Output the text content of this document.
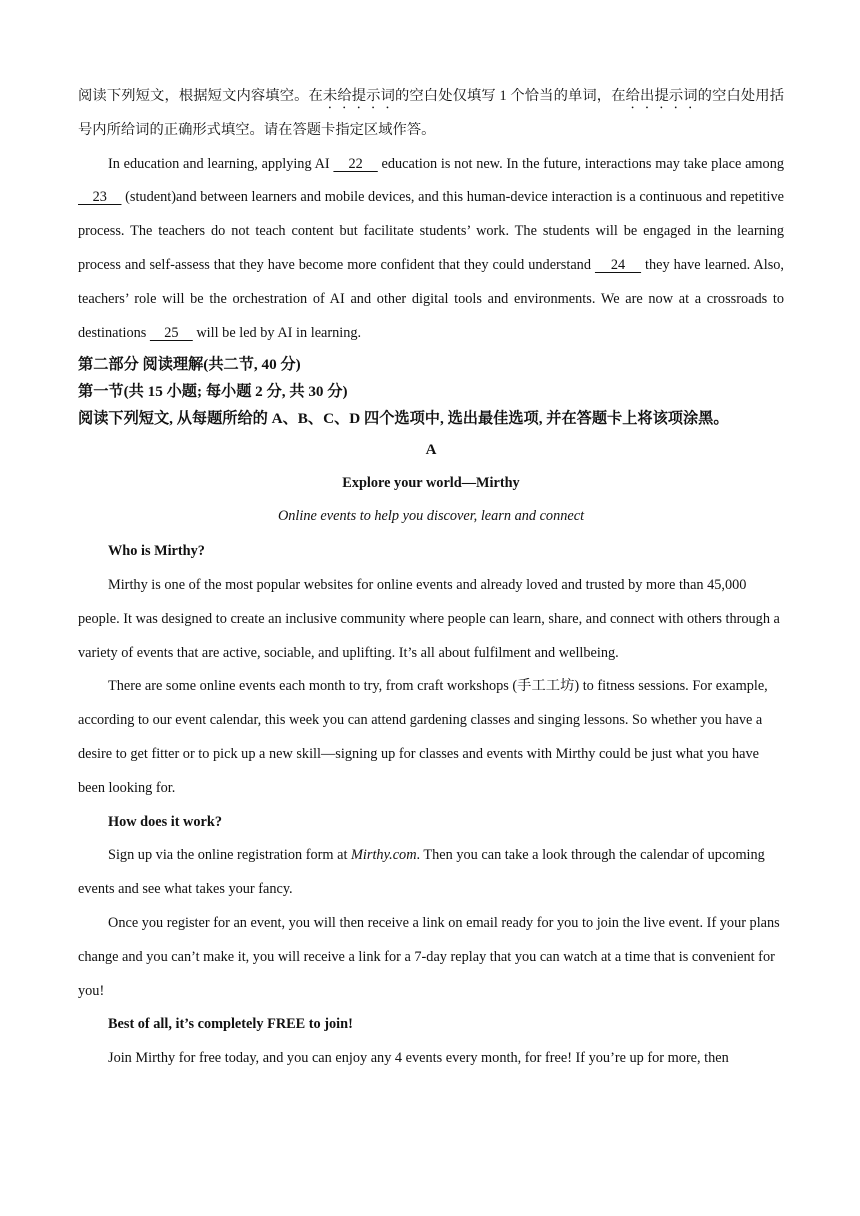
阅读下列短文，根据短文内容填空。在未给提示词的空白处仅填写 1 个恰当的单词，在给出提示词的空白处用括号内所给词的正确形式填空。请在答题卡指定区域作答。

In education and learning, applying AI     22     education is not new. In the future, interactions may take place among     23     (student)and between learners and mobile devices, and this human-device interaction is a continuous and repetitive process. The teachers do not teach content but facilitate students’ work. The students will be engaged in the learning process and self-assess that they have become more confident that they could understand     24     they have learned. Also, teachers’ role will be the orchestration of AI and other digital tools and environments. We are now at a crossroads to destinations     25     will be led by AI in learning.

第二部分 阅读理解(共二节, 40 分)

第一节(共 15 小题; 每小题 2 分, 共 30 分)

阅读下列短文, 从每题所给的 A、B、C、D 四个选项中, 选出最佳选项, 并在答题卡上将该项涂黑。

A

Explore your world—Mirthy

Online events to help you discover, learn and connect

Who is Mirthy?

Mirthy is one of the most popular websites for online events and already loved and trusted by more than 45,000 people. It was designed to create an inclusive community where people can learn, share, and connect with others through a variety of events that are active, sociable, and uplifting. It’s all about fulfilment and wellbeing.

There are some online events each month to try, from craft workshops (手工工坊) to fitness sessions. For example, according to our event calendar, this week you can attend gardening classes and singing lessons. So whether you have a desire to get fitter or to pick up a new skill—signing up for classes and events with Mirthy could be just what you have been looking for.

How does it work?

Sign up via the online registration form at Mirthy.com. Then you can take a look through the calendar of upcoming events and see what takes your fancy.

Once you register for an event, you will then receive a link on email ready for you to join the live event. If your plans change and you can’t make it, you will receive a link for a 7-day replay that you can watch at a time that is convenient for you!

Best of all, it’s completely FREE to join!

Join Mirthy for free today, and you can enjoy any 4 events every month, for free! If you’re up for more, then
